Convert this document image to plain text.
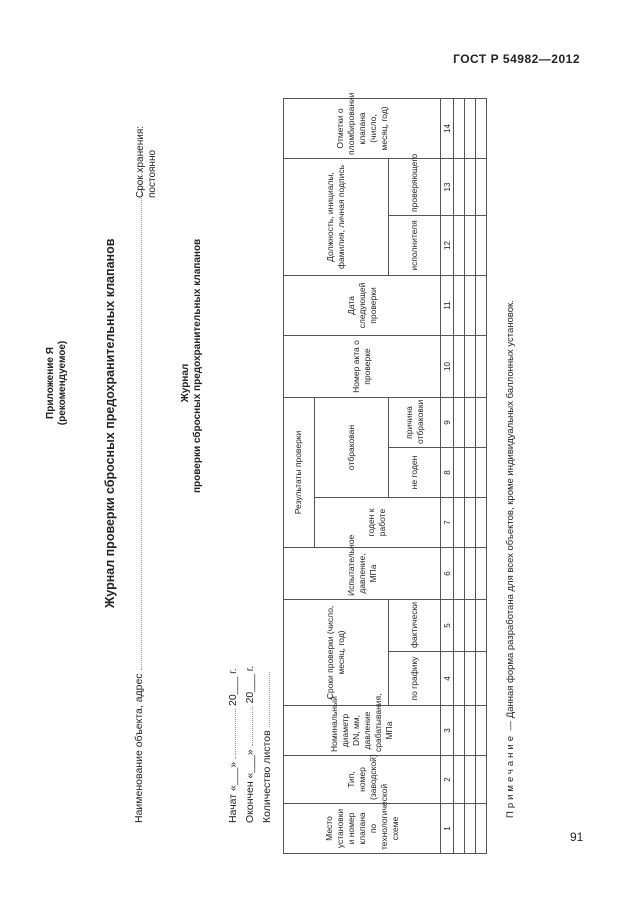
ГОСТ Р 54982—2012
91
Приложение Я (рекомендуемое)	Журнал проверки сбросных предохранительных клапанов
Наименование объекта, адрес
Срок хранения: постоянно
Журнал проверки сбросных предохранительных клапанов
Начат «___»  20___ г.
Окончен «___»  20___ г.
Количество листов
Место установки и номер клапана по технологической схеме	Тип, номер (заводской)	Номинальный диаметр DN, мм, давление срабатывания, МПа	Сроки проверки (число, месяц, год)		Испытательное давление, МПа	Результаты проверки			Номер акта о проверке	Дата следующей проверки	Должность, инициалы, фамилия, личная подпись		Отметки о пломбировании клапана (число, месяц, год)
						годен к работе	отбракован						
			по графику	фактически			не годен	причина отбраковки			исполнителя	проверяющего	
1	2	3	4	5	6	7	8	9	10	11	12	13	14

Примечание — Данная форма разработана для всех объектов, кроме индивидуальных баллонных установок.
